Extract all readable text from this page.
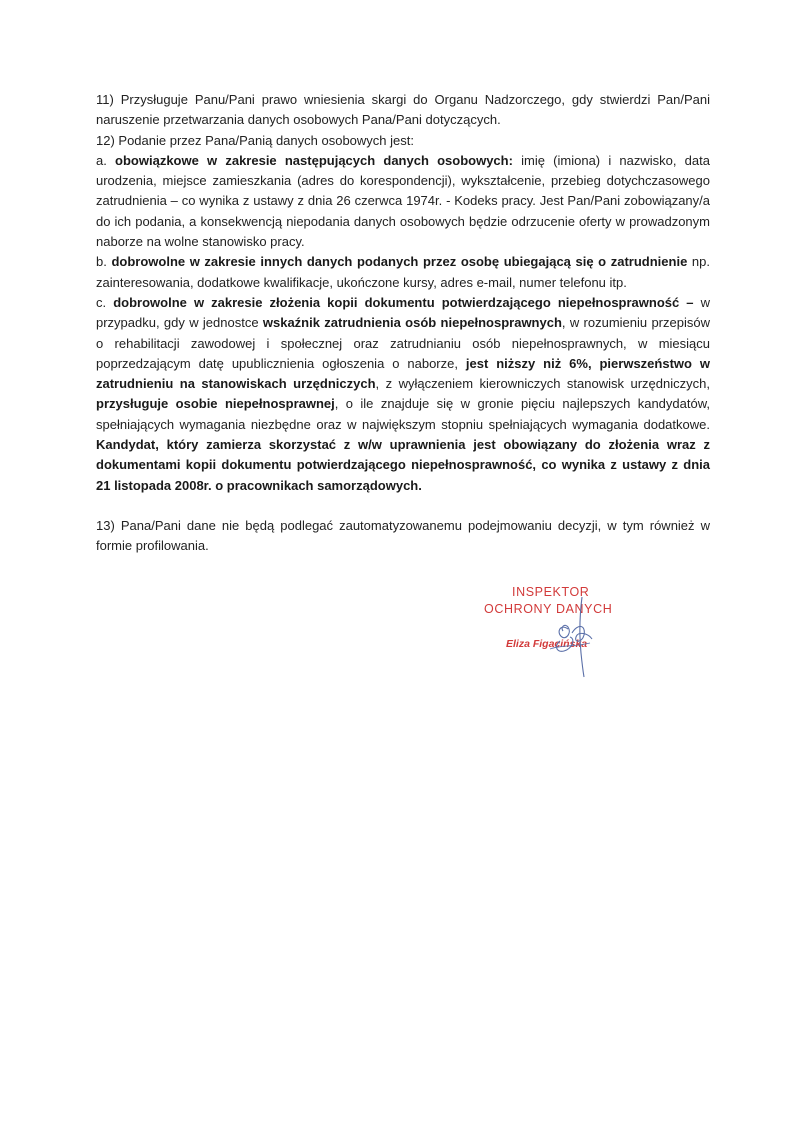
11) Przysługuje Panu/Pani prawo wniesienia skargi do Organu Nadzorczego, gdy stwierdzi Pan/Pani naruszenie przetwarzania danych osobowych Pana/Pani dotyczących.

12) Podanie przez Pana/Panią danych osobowych jest:

a. obowiązkowe w zakresie następujących danych osobowych: imię (imiona) i nazwisko, data urodzenia, miejsce zamieszkania (adres do korespondencji), wykształcenie, przebieg dotychczasowego zatrudnienia – co wynika z ustawy z dnia 26 czerwca 1974r. - Kodeks pracy. Jest Pan/Pani zobowiązany/a do ich podania, a konsekwencją niepodania danych osobowych będzie odrzucenie oferty w prowadzonym naborze na wolne stanowisko pracy.

b. dobrowolne w zakresie innych danych podanych przez osobę ubiegającą się o zatrudnienie np. zainteresowania, dodatkowe kwalifikacje, ukończone kursy, adres e-mail, numer telefonu itp.

c. dobrowolne w zakresie złożenia kopii dokumentu potwierdzającego niepełnosprawność – w przypadku, gdy w jednostce wskaźnik zatrudnienia osób niepełnosprawnych, w rozumieniu przepisów o rehabilitacji zawodowej i społecznej oraz zatrudnianiu osób niepełnosprawnych, w miesiącu poprzedzającym datę upublicznienia ogłoszenia o naborze, jest niższy niż 6%, pierwszeństwo w zatrudnieniu na stanowiskach urzędniczych, z wyłączeniem kierowniczych stanowisk urzędniczych, przysługuje osobie niepełnosprawnej, o ile znajduje się w gronie pięciu najlepszych kandydatów, spełniających wymagania niezbędne oraz w największym stopniu spełniających wymagania dodatkowe. Kandydat, który zamierza skorzystać z w/w uprawnienia jest obowiązany do złożenia wraz z dokumentami kopii dokumentu potwierdzającego niepełnosprawność, co wynika z ustawy z dnia 21 listopada 2008r. o pracownikach samorządowych.

13) Pana/Pani dane nie będą podlegać zautomatyzowanemu podejmowaniu decyzji, w tym również w formie profilowania.

INSPEKTOR
OCHRONY DANYCH
Eliza Figacińska
